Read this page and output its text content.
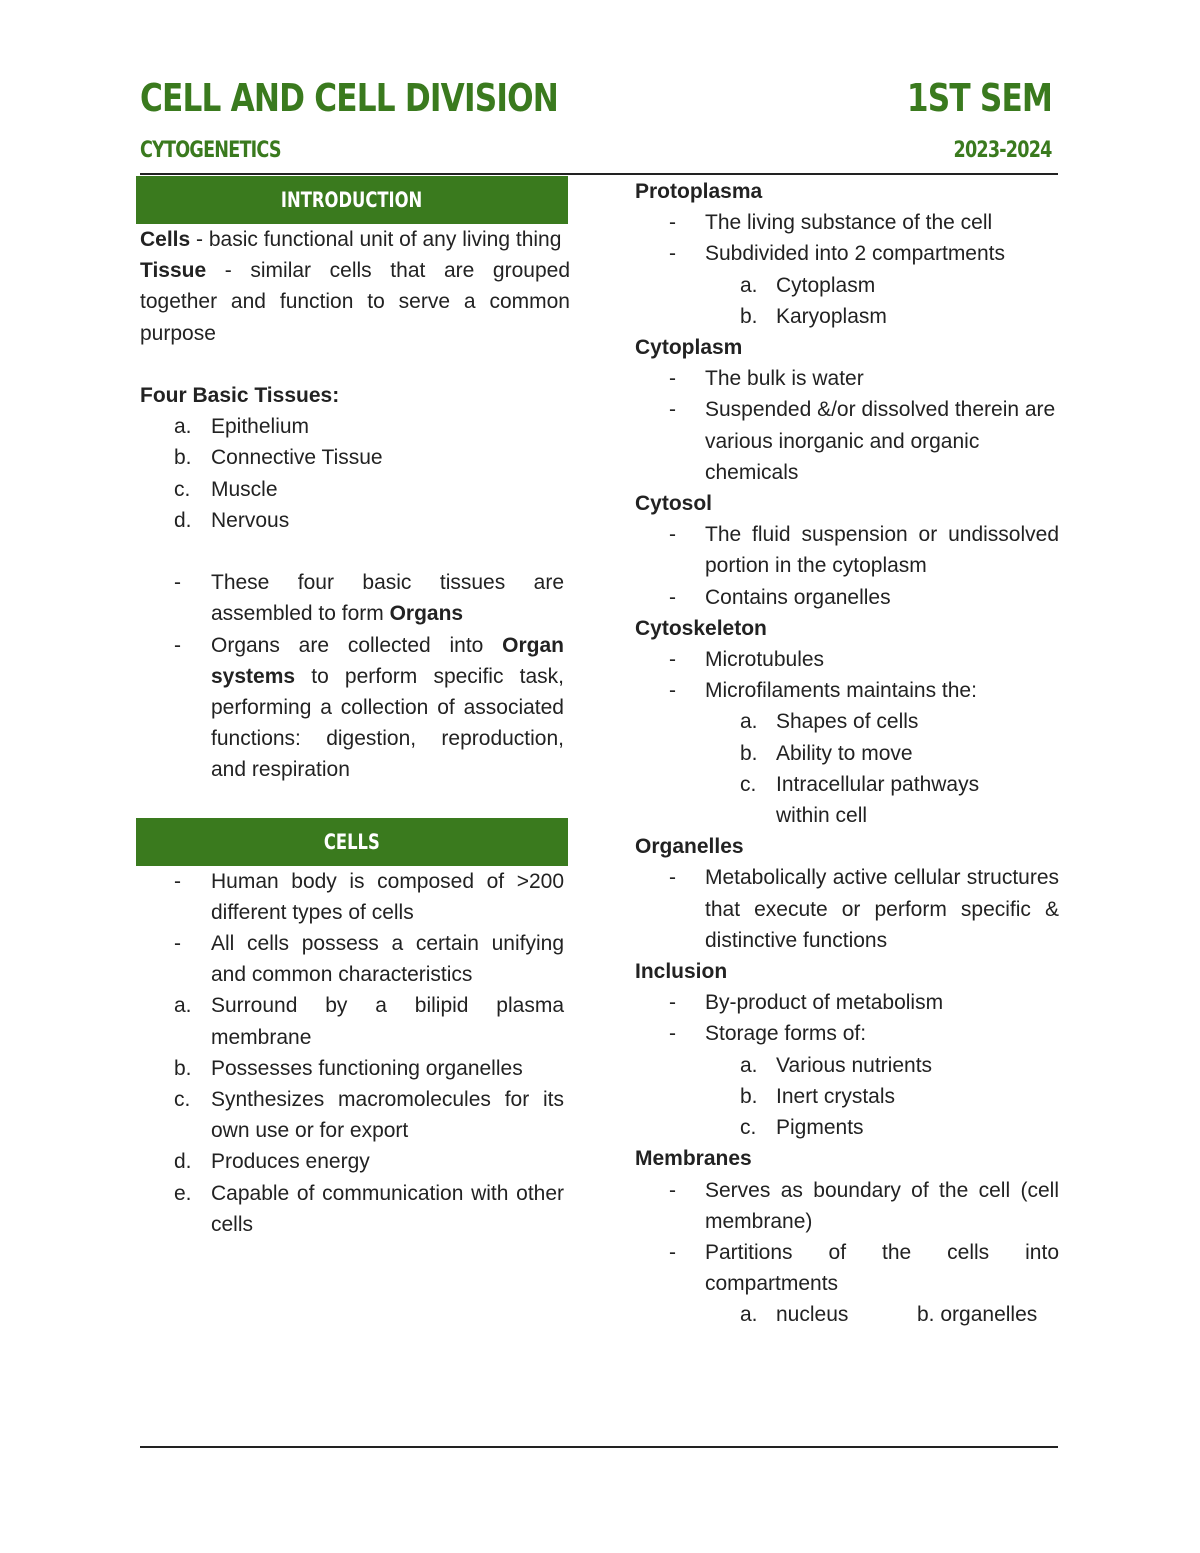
CELL AND CELL DIVISION	1ST SEM
CYTOGENETICS	2023-2024
INTRODUCTION

Cells - basic functional unit of any living thing

Tissue - similar cells that are grouped together and function to serve a common purpose

Four Basic Tissues:

a. Epithelium
b. Connective Tissue
c. Muscle
d. Nervous
-	These four basic tissues are assembled to form Organs
-	Organs are collected into Organ systems to perform specific task, performing a collection of associated functions: digestion, reproduction, and respiration
CELLS
-	Human body is composed of >200 different types of cells
-	All cells possess a certain unifying and common characteristics
a. Surround by a bilipid plasma membrane
b. Possesses functioning organelles
c. Synthesizes macromolecules for its own use or for export
d. Produces energy
e. Capable of communication with other cells

Protoplasma

-	The living substance of the cell
-	Subdivided into 2 compartments
a. Cytoplasm
b. Karyoplasm

Cytoplasm

-	The bulk is water
-	Suspended &/or dissolved therein are various inorganic and organic chemicals

Cytosol

-	The fluid suspension or undissolved portion in the cytoplasm
-	Contains organelles

Cytoskeleton

-	Microtubules
-	Microfilaments maintains the:
a. Shapes of cells
b. Ability to move
c. Intracellular pathways within cell

Organelles

-	Metabolically active cellular structures that execute or perform specific & distinctive functions

Inclusion

-	By-product of metabolism
-	Storage forms of:
a. Various nutrients
b. Inert crystals
c. Pigments

Membranes

-	Serves as boundary of the cell (cell membrane)
-	Partitions of the cells into compartments
a. nucleus	b.
organelles
